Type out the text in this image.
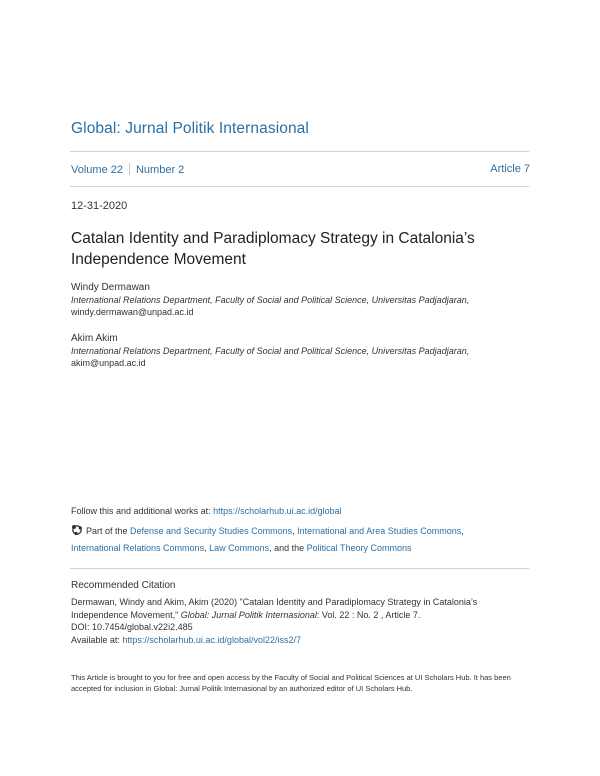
Global: Jurnal Politik Internasional
Volume 22 Number 2	Article 7
12-31-2020
Catalan Identity and Paradiplomacy Strategy in Catalonia’s Independence Movement
Windy Dermawan
International Relations Department, Faculty of Social and Political Science, Universitas Padjadjaran,
windy.dermawan@unpad.ac.id
Akim Akim
International Relations Department, Faculty of Social and Political Science, Universitas Padjadjaran,
akim@unpad.ac.id
Follow this and additional works at: https://scholarhub.ui.ac.id/global
Part of the Defense and Security Studies Commons, International and Area Studies Commons,
International Relations Commons, Law Commons, and the Political Theory Commons
Recommended Citation
Dermawan, Windy and Akim, Akim (2020) "Catalan Identity and Paradiplomacy Strategy in Catalonia’s
Independence Movement," Global: Jurnal Politik Internasional: Vol. 22 : No. 2 , Article 7.
DOI: 10.7454/global.v22i2.485
Available at: https://scholarhub.ui.ac.id/global/vol22/iss2/7
This Article is brought to you for free and open access by the Faculty of Social and Political Sciences at UI Scholars Hub. It has been accepted for inclusion in Global: Jurnal Politik Internasional by an authorized editor of UI Scholars Hub.
